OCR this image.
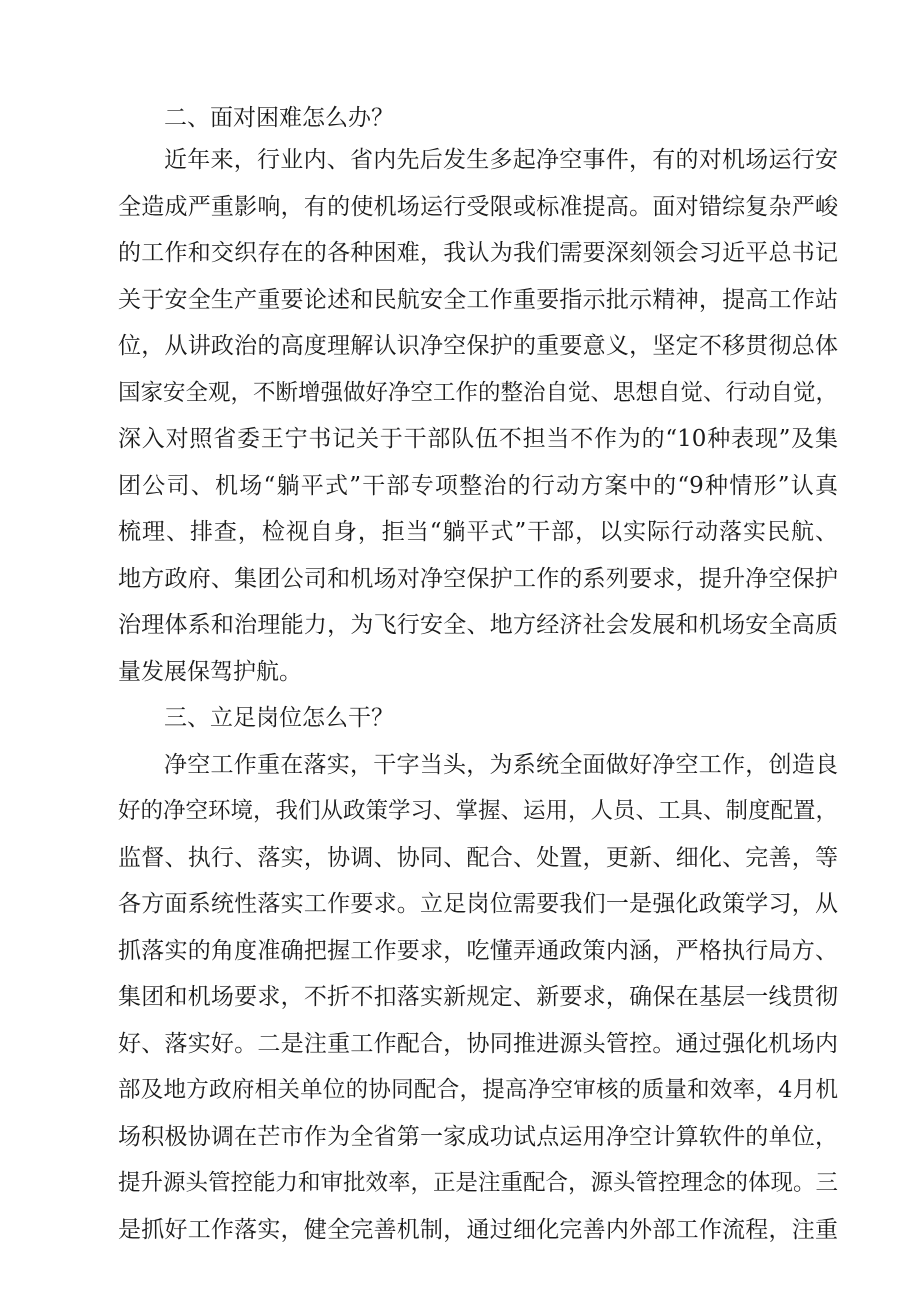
二、面对困难怎么办？
近年来，行业内、省内先后发生多起净空事件，有的对机场运行安
全造成严重影响，有的使机场运行受限或标准提高。面对错综复杂严峻
的工作和交织存在的各种困难，我认为我们需要深刻领会习近平总书记
关于安全生产重要论述和民航安全工作重要指示批示精神，提高工作站
位，从讲政治的高度理解认识净空保护的重要意义，坚定不移贯彻总体
国家安全观，不断增强做好净空工作的整治自觉、思想自觉、行动自觉，
深入对照省委王宁书记关于干部队伍不担当不作为的“10种表现”及集
团公司、机场“躺平式”干部专项整治的行动方案中的“9种情形”认真
梳理、排查，检视自身，拒当“躺平式”干部，以实际行动落实民航、
地方政府、集团公司和机场对净空保护工作的系列要求，提升净空保护
治理体系和治理能力，为飞行安全、地方经济社会发展和机场安全高质
量发展保驾护航。
三、立足岗位怎么干？
净空工作重在落实，干字当头，为系统全面做好净空工作，创造良
好的净空环境，我们从政策学习、掌握、运用，人员、工具、制度配置，
监督、执行、落实，协调、协同、配合、处置，更新、细化、完善，等
各方面系统性落实工作要求。立足岗位需要我们一是强化政策学习，从
抓落实的角度准确把握工作要求，吃懂弄通政策内涵，严格执行局方、
集团和机场要求，不折不扣落实新规定、新要求，确保在基层一线贯彻
好、落实好。二是注重工作配合，协同推进源头管控。通过强化机场内
部及地方政府相关单位的协同配合，提高净空审核的质量和效率，4月机
场积极协调在芒市作为全省第一家成功试点运用净空计算软件的单位，
提升源头管控能力和审批效率，正是注重配合，源头管控理念的体现。三
是抓好工作落实，健全完善机制，通过细化完善内外部工作流程，注重
